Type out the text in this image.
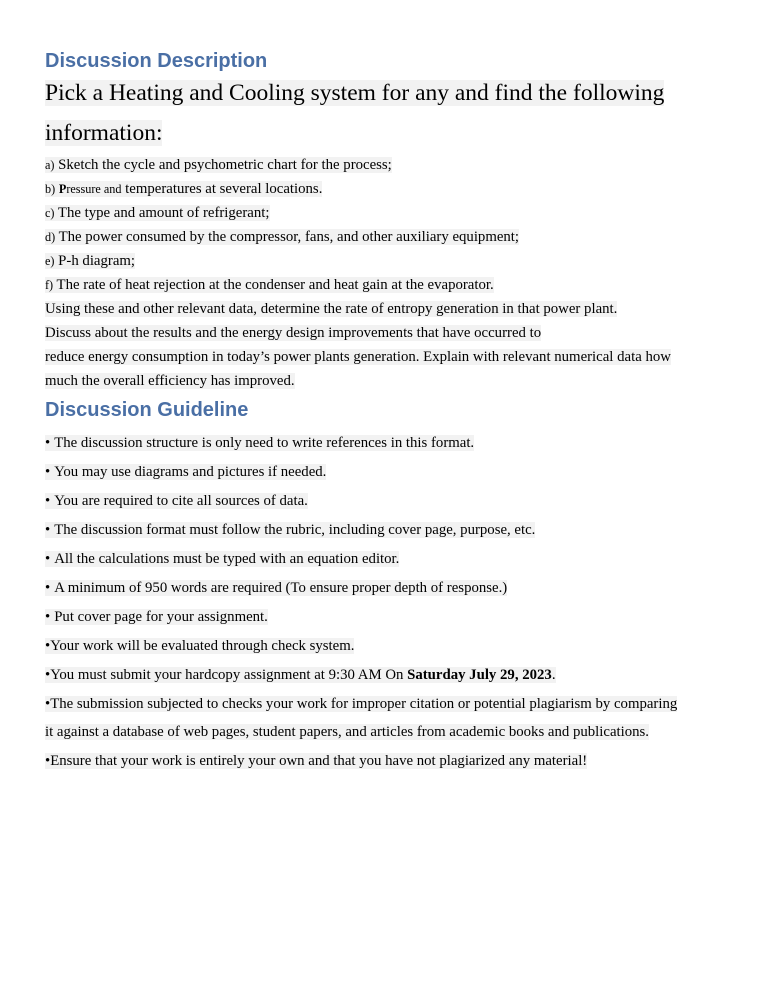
Discussion Description
Pick a Heating and Cooling system for any and find the following
information:
a) Sketch the cycle and psychometric chart for the process;
b) Pressure and temperatures at several locations.
c) The type and amount of refrigerant;
d) The power consumed by the compressor, fans, and other auxiliary equipment;
e) P-h diagram;
f) The rate of heat rejection at the condenser and heat gain at the evaporator.
Using these and other relevant data, determine the rate of entropy generation in that power plant.
Discuss about the results and the energy design improvements that have occurred to
reduce energy consumption in today’s power plants generation. Explain with relevant numerical data how
much the overall efficiency has improved.
Discussion Guideline
• The discussion structure is only need to write references in this format.
• You may use diagrams and pictures if needed.
• You are required to cite all sources of data.
• The discussion format must follow the rubric, including cover page, purpose, etc.
• All the calculations must be typed with an equation editor.
• A minimum of 950 words are required (To ensure proper depth of response.)
• Put cover page for your assignment.
•Your work will be evaluated through check system.
•You must submit your hardcopy assignment at 9:30 AM On Saturday July 29, 2023.
•The submission subjected to checks your work for improper citation or potential plagiarism by comparing
it against a database of web pages, student papers, and articles from academic books and publications.
•Ensure that your work is entirely your own and that you have not plagiarized any material!
